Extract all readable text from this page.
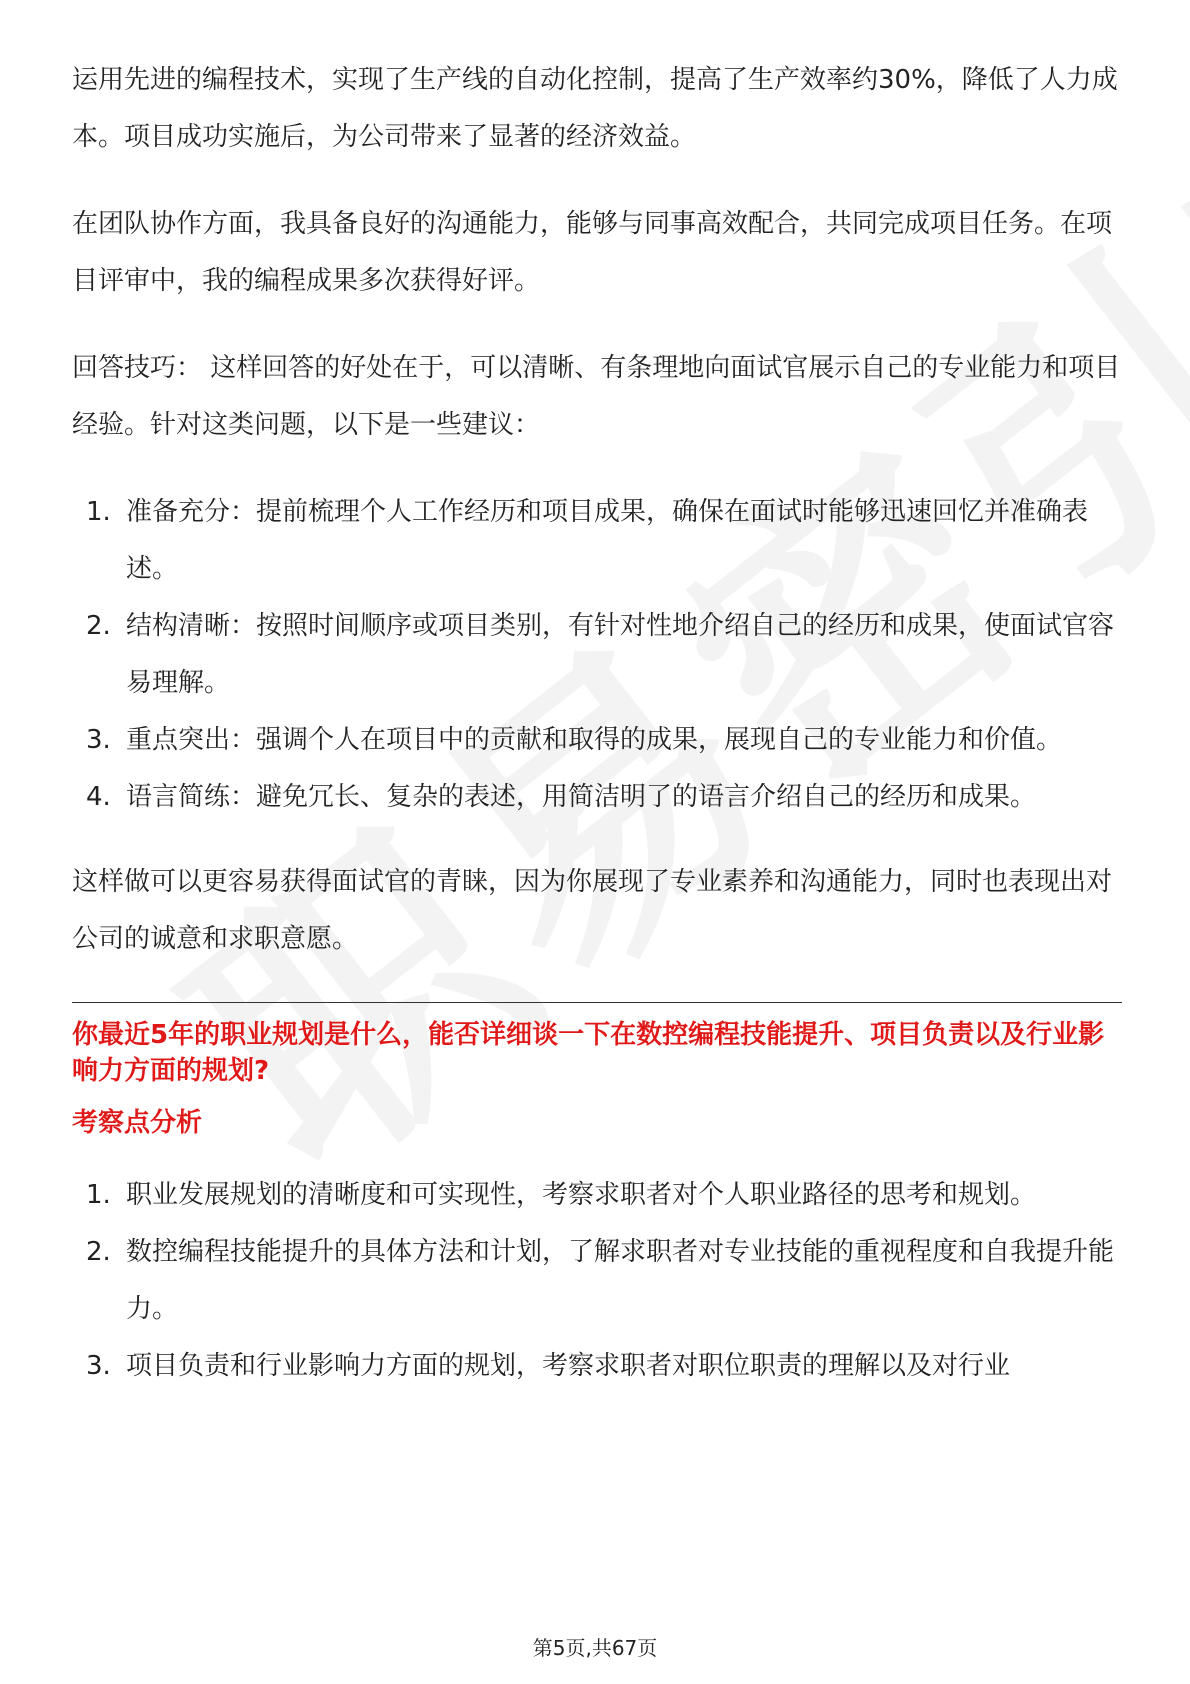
运用先进的编程技术，实现了生产线的自动化控制，提高了生产效率约30%，降低了人力成本。项目成功实施后，为公司带来了显著的经济效益。

在团队协作方面，我具备良好的沟通能力，能够与同事高效配合，共同完成项目任务。在项目评审中，我的编程成果多次获得好评。

回答技巧： 这样回答的好处在于，可以清晰、有条理地向面试官展示自己的专业能力和项目经验。针对这类问题，以下是一些建议：

1. 准备充分：提前梳理个人工作经历和项目成果，确保在面试时能够迅速回忆并准确表述。
2. 结构清晰：按照时间顺序或项目类别，有针对性地介绍自己的经历和成果，使面试官容易理解。
3. 重点突出：强调个人在项目中的贡献和取得的成果，展现自己的专业能力和价值。
4. 语言简练：避免冗长、复杂的表述，用简洁明了的语言介绍自己的经历和成果。

这样做可以更容易获得面试官的青睐，因为你展现了专业素养和沟通能力，同时也表现出对公司的诚意和求职意愿。

你最近5年的职业规划是什么，能否详细谈一下在数控编程技能提升、项目负责以及行业影响力方面的规划?
考察点分析
1. 职业发展规划的清晰度和可实现性，考察求职者对个人职业路径的思考和规划。
2. 数控编程技能提升的具体方法和计划，了解求职者对专业技能的重视程度和自我提升能力。
3. 项目负责和行业影响力方面的规划，考察求职者对职位职责的理解以及对行业
第5页,共67页
